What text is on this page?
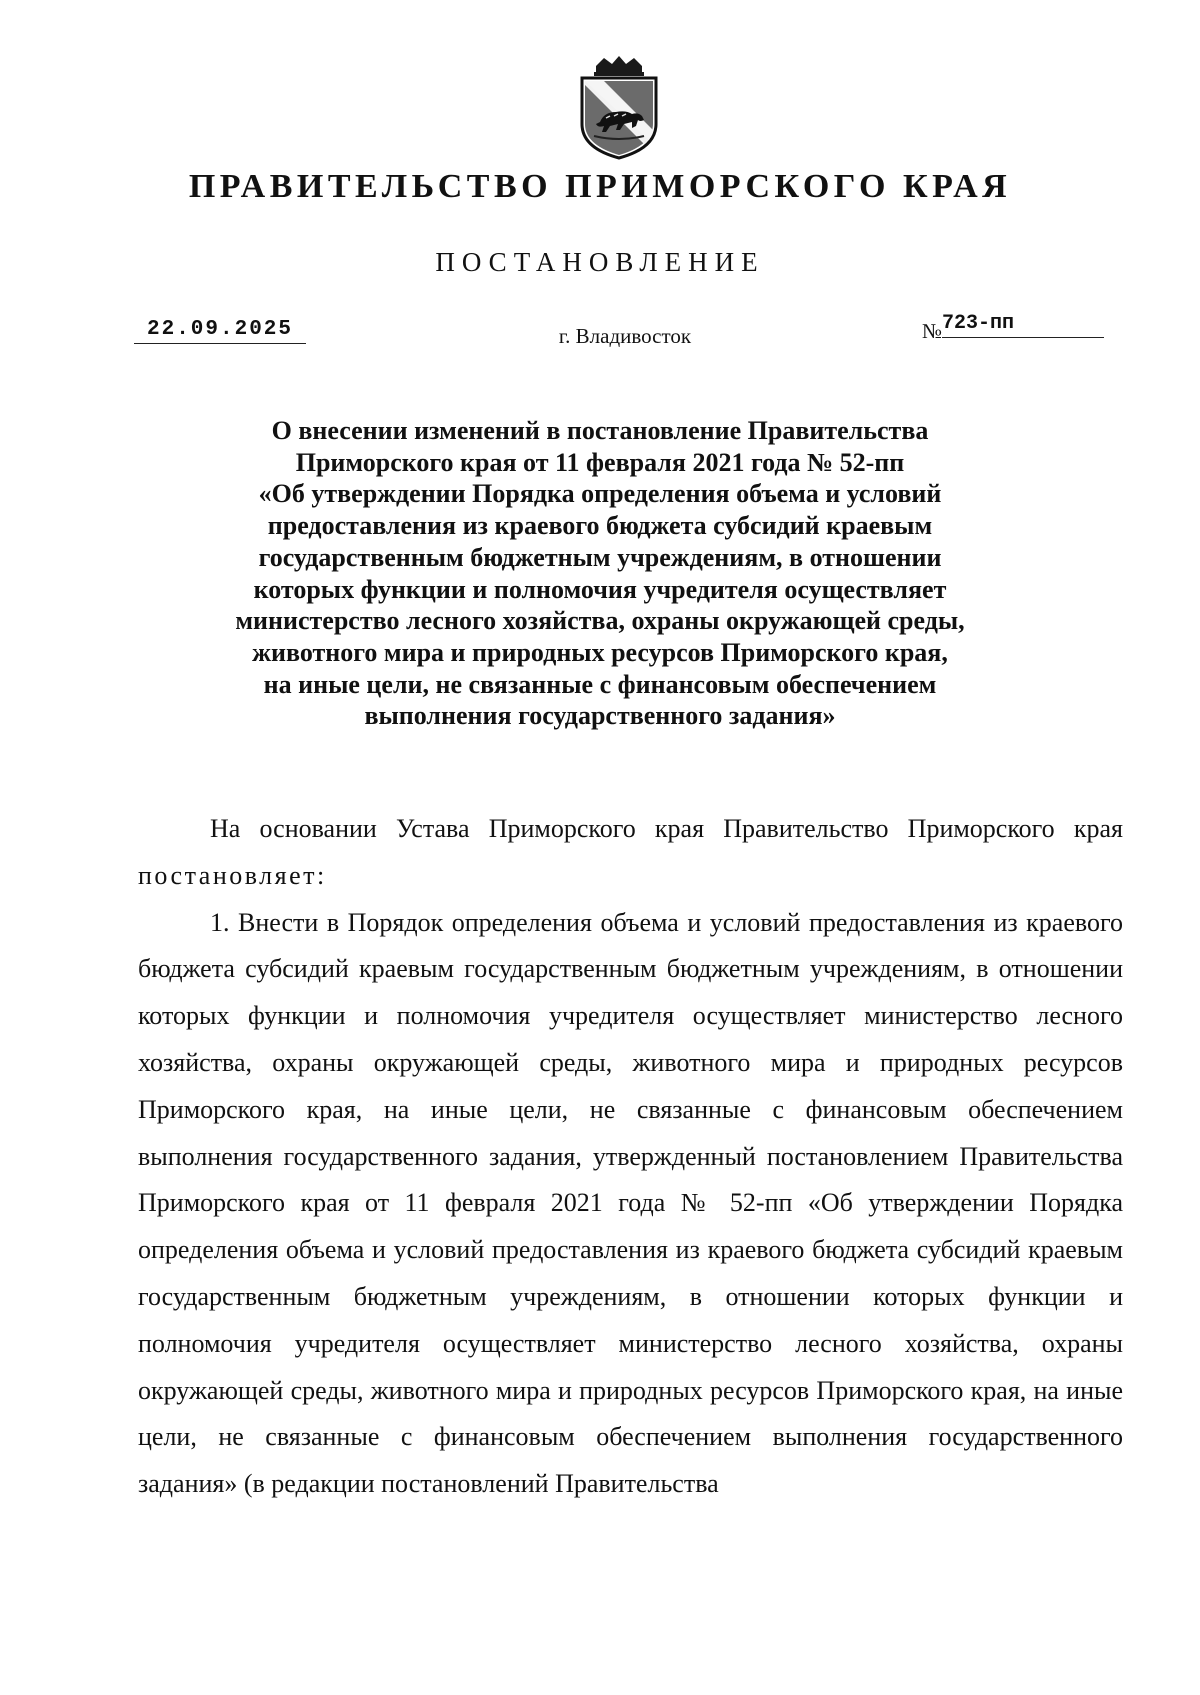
ПРАВИТЕЛЬСТВО ПРИМОРСКОГО КРАЯ
ПОСТАНОВЛЕНИЕ
22.09.2025	г. Владивосток	№723-пп
О внесении изменений в постановление Правительства
Приморского края от 11 февраля 2021 года № 52-пп
«Об утверждении Порядка определения объема и условий
предоставления из краевого бюджета субсидий краевым
государственным бюджетным учреждениям, в отношении
которых функции и полномочия учредителя осуществляет
министерство лесного хозяйства, охраны окружающей среды,
животного мира и природных ресурсов Приморского края,
на иные цели, не связанные с финансовым обеспечением
выполнения государственного задания»

На основании Устава Приморского края Правительство Приморского края постановляет:

1. Внести в Порядок определения объема и условий предоставления из краевого бюджета субсидий краевым государственным бюджетным учреждениям, в отношении которых функции и полномочия учредителя осуществляет министерство лесного хозяйства, охраны окружающей среды, животного мира и природных ресурсов Приморского края, на иные цели, не связанные с финансовым обеспечением выполнения государственного задания, утвержденный постановлением Правительства Приморского края от 11 февраля 2021 года № 52-пп «Об утверждении Порядка определения объема и условий предоставления из краевого бюджета субсидий краевым государственным бюджетным учреждениям, в отношении которых функции и полномочия учредителя осуществляет министерство лесного хозяйства, охраны окружающей среды, животного мира и природных ресурсов Приморского края, на иные цели, не связанные с финансовым обеспечением выполнения государственного задания» (в редакции постановлений Правительства
